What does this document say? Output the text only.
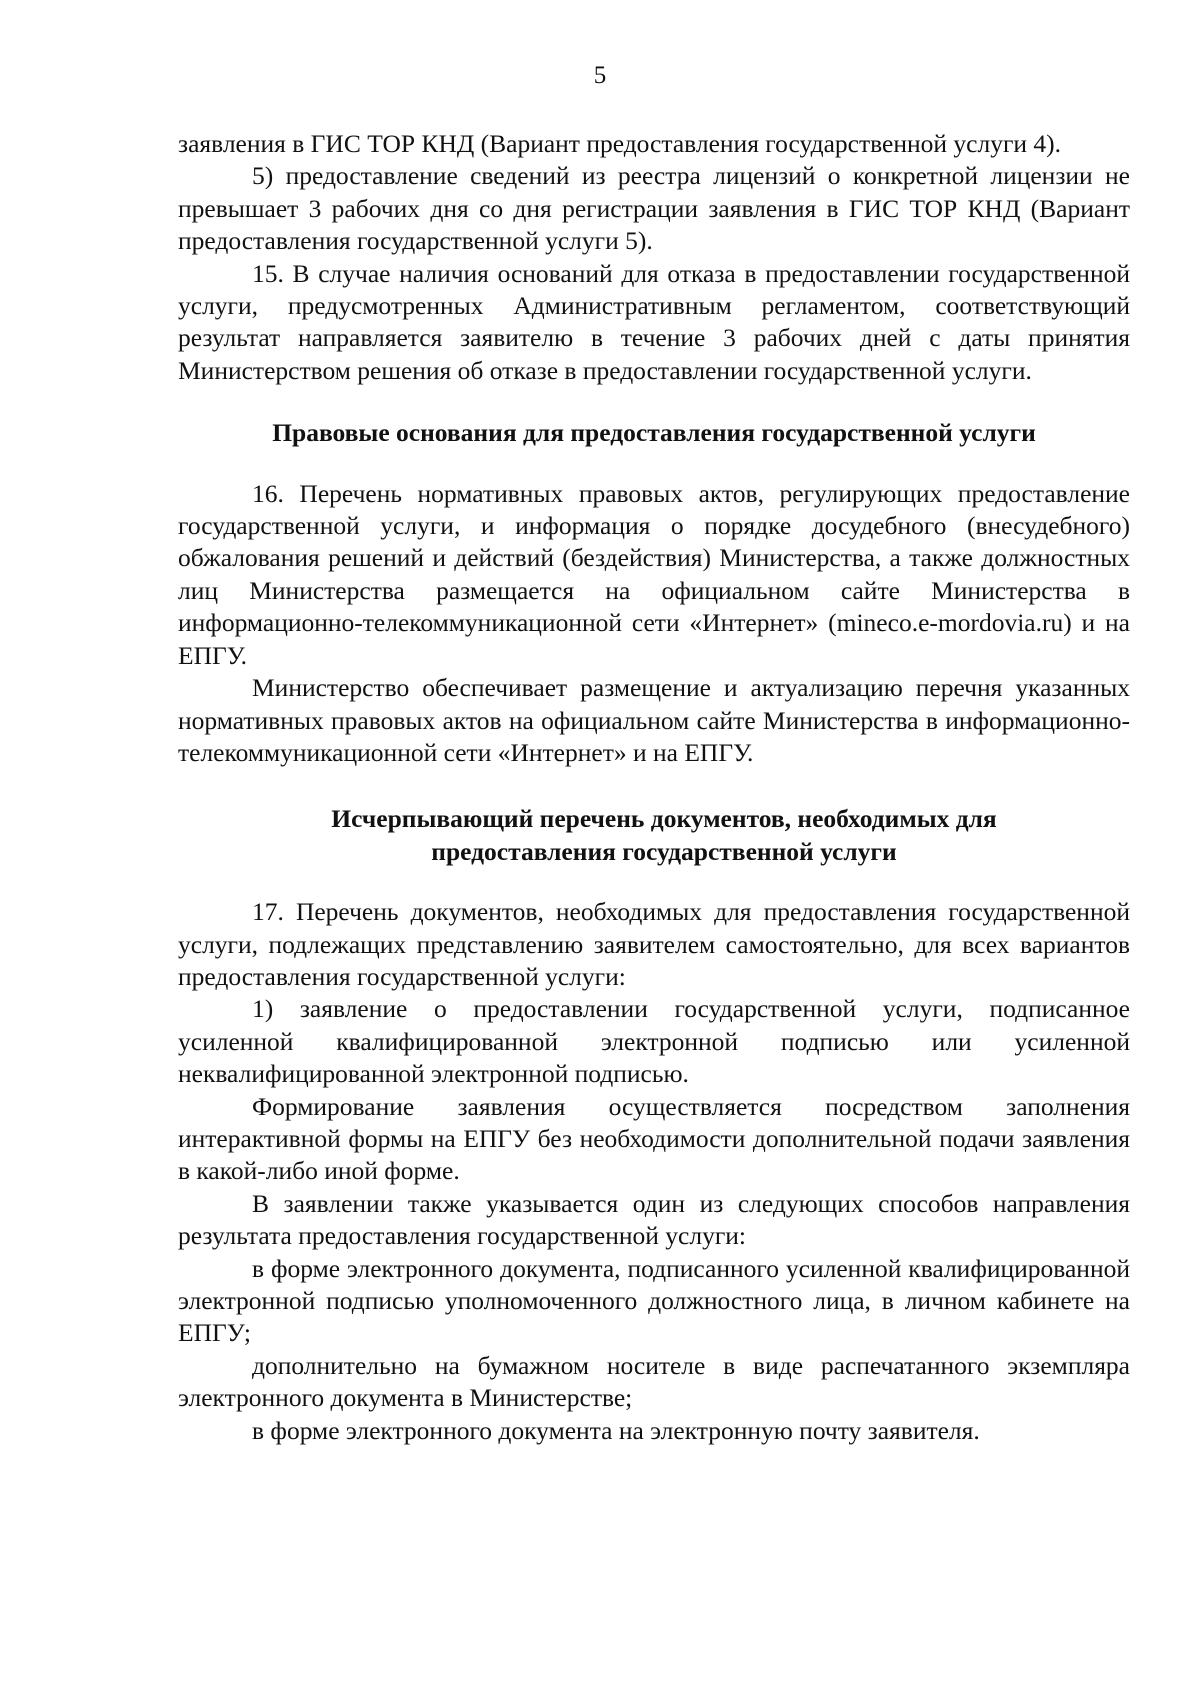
5

заявления в ГИС ТОР КНД (Вариант предоставления государственной услуги 4).

5) предоставление сведений из реестра лицензий о конкретной лицензии не превышает 3 рабочих дня со дня регистрации заявления в ГИС ТОР КНД (Вариант предоставления государственной услуги 5).

15. В случае наличия оснований для отказа в предоставлении государственной услуги, предусмотренных Административным регламентом, соответствующий результат направляется заявителю в течение 3 рабочих дней с даты принятия Министерством решения об отказе в предоставлении государственной услуги.

Правовые основания для предоставления государственной услуги

16. Перечень нормативных правовых актов, регулирующих предоставление государственной услуги, и информация о порядке досудебного (внесудебного) обжалования решений и действий (бездействия) Министерства, а также должностных лиц Министерства размещается на официальном сайте Министерства в информационно-телекоммуникационной сети «Интернет» (mineco.e-mordovia.ru) и на ЕПГУ.

Министерство обеспечивает размещение и актуализацию перечня указанных нормативных правовых актов на официальном сайте Министерства в информационно-телекоммуникационной сети «Интернет» и на ЕПГУ.

Исчерпывающий перечень документов, необходимых для предоставления государственной услуги

17. Перечень документов, необходимых для предоставления государственной услуги, подлежащих представлению заявителем самостоятельно, для всех вариантов предоставления государственной услуги:

1) заявление о предоставлении государственной услуги, подписанное усиленной квалифицированной электронной подписью или усиленной неквалифицированной электронной подписью.

Формирование заявления осуществляется посредством заполнения интерактивной формы на ЕПГУ без необходимости дополнительной подачи заявления в какой-либо иной форме.

В заявлении также указывается один из следующих способов направления результата предоставления государственной услуги:

в форме электронного документа, подписанного усиленной квалифицированной электронной подписью уполномоченного должностного лица, в личном кабинете на ЕПГУ;

дополнительно на бумажном носителе в виде распечатанного экземпляра электронного документа в Министерстве;

в форме электронного документа на электронную почту заявителя.
